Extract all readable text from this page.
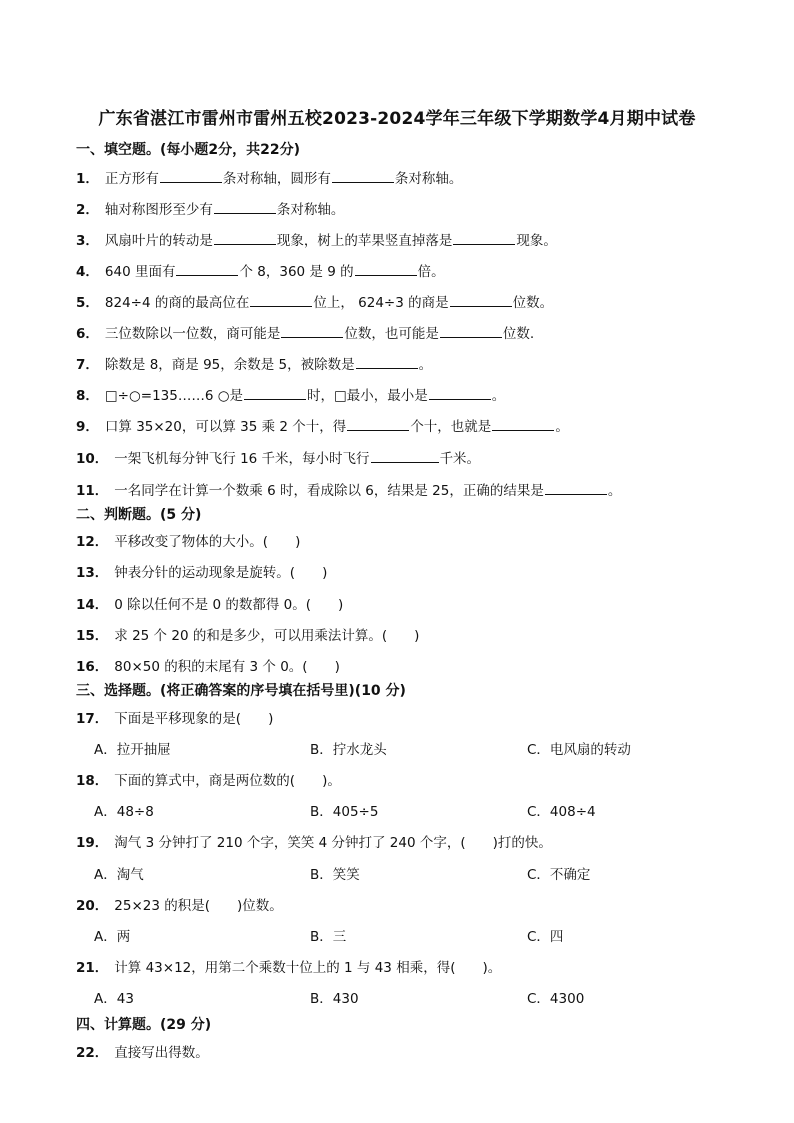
广东省湛江市雷州市雷州五校2023-2024学年三年级下学期数学4月期中试卷
一、填空题。(每小题2分，共22分)
1． 正方形有	条对称轴，圆形有	条对称轴。
2． 轴对称图形至少有	条对称轴。
3． 风扇叶片的转动是	现象，树上的苹果竖直掉落是	现象。
4． 640 里面有	个 8，360 是 9 的	倍。
5． 824÷4 的商的最高位在	位上， 624÷3 的商是	位数。
6． 三位数除以一位数，商可能是	位数，也可能是	位数.
7． 除数是 8，商是 95，余数是 5，被除数是	。
8． □÷○=135……6 ○是	时，□最小，最小是	。
9． 口算 35×20，可以算 35 乘 2 个十，得	个十，也就是	。
10． 一架飞机每分钟飞行 16 千米，每小时飞行	千米。
11． 一名同学在计算一个数乘 6 时，看成除以 6，结果是 25，正确的结果是	。
二、判断题。(5 分)
12． 平移改变了物体的大小。(　　)
13． 钟表分针的运动现象是旋转。(　　)
14． 0 除以任何不是 0 的数都得 0。(　　)
15． 求 25 个 20 的和是多少，可以用乘法计算。(　　)
16． 80×50 的积的末尾有 3 个 0。(　　)
三、选择题。(将正确答案的序号填在括号里)(10 分)
17． 下面是平移现象的是(　　)
A．拉开抽屉	B．拧水龙头	C．电风扇的转动
18． 下面的算式中，商是两位数的(　　)。
A．48÷8	B．405÷5	C．408÷4
19． 淘气 3 分钟打了 210 个字，笑笑 4 分钟打了 240 个字，(　　)打的快。
A．淘气	B．笑笑	C．不确定
20． 25×23 的积是(　　)位数。
A．两	B．三	C．四
21． 计算 43×12，用第二个乘数十位上的 1 与 43 相乘，得(　　)。
A．43	B．430	C．4300
四、计算题。(29 分)
22． 直接写出得数。
